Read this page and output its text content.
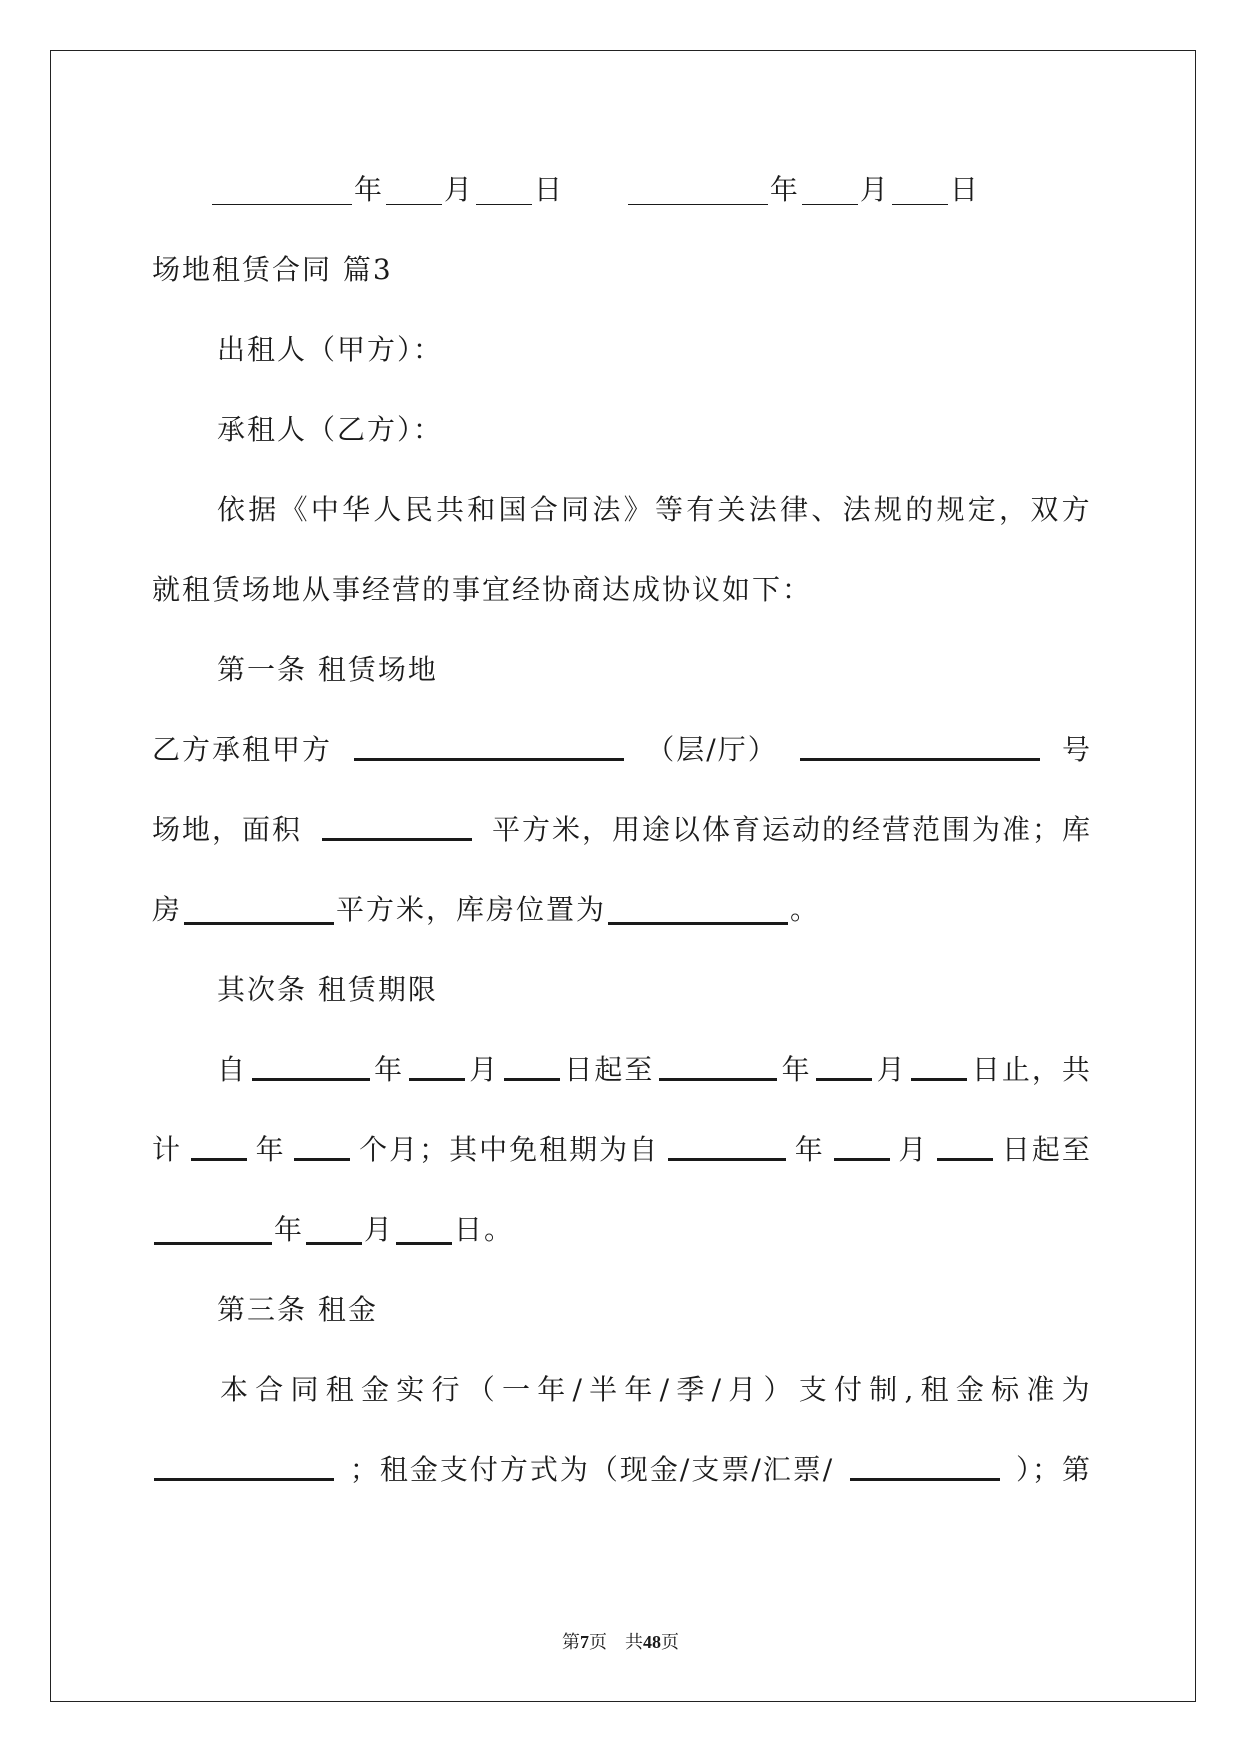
年 月 日	年 月 日
场地租赁合同 篇3
出租人（甲方）：
承租人（乙方）：
依 据 《 中 华 人 民 共 和 国 合 同 法 》 等 有 关 法 律 、 法 规 的 规 定 ， 双 方
就租赁场地从事经营的事宜经协商达成协议如下：
第一条 租赁场地
乙方承租甲方	（层/厅）	号
场地，面积	平方米，用途以体育运动的经营范围为准；库
房	平方米，库房位置为	。
其次条 租赁期限
自	年 月 日起至	年 月 日止，共
计	年	个月；其中免租期为自	年	月	日起至
年 月 日。
第三条 租金
本 合 同 租 金 实 行 （ 一 年 / 半 年 / 季 / 月 ） 支 付 制 , 租 金 标 准 为
；租金支付方式为（现金/支票/汇票/	）；第
第7页　共48页
